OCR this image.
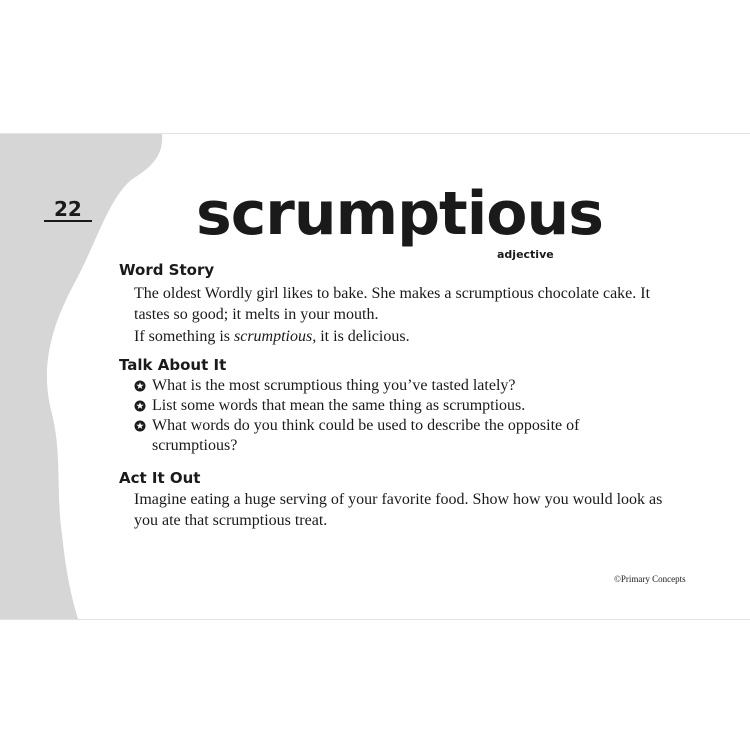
22 scrumptious
adjective
Word Story
The oldest Wordly girl likes to bake. She makes a scrumptious chocolate cake. It tastes so good; it melts in your mouth.
If something is scrumptious, it is delicious.
Talk About It
What is the most scrumptious thing you’ve tasted lately?
List some words that mean the same thing as scrumptious.
What words do you think could be used to describe the opposite of scrumptious?
Act It Out
Imagine eating a huge serving of your favorite food. Show how you would look as you ate that scrumptious treat.
©Primary Concepts
